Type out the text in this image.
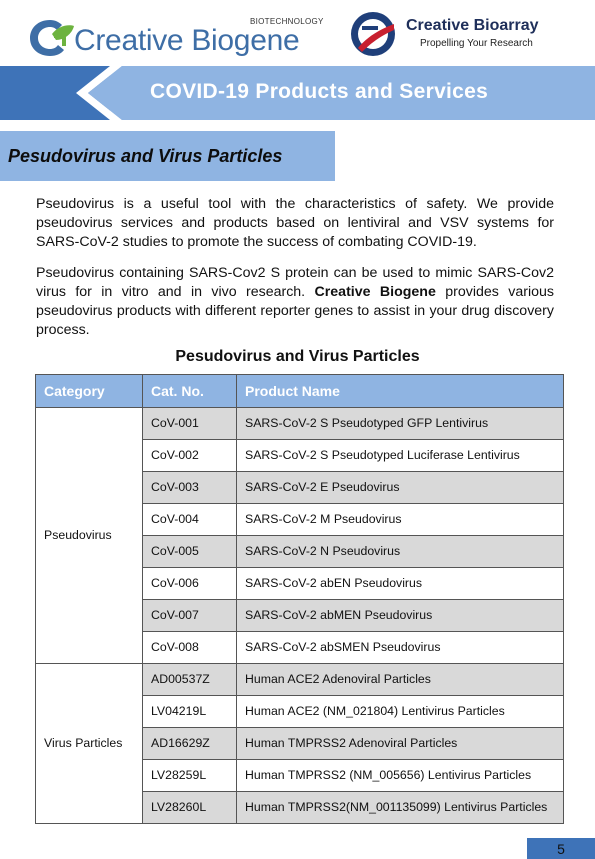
BIOTECHNOLOGY
Creative Biogene	Creative Bioarray
Propelling Your Research
COVID-19 Products and Services
Pesudovirus and Virus Particles

Pseudovirus is a useful tool with the characteristics of safety. We provide pseudovirus services and products based on lentiviral and VSV systems for SARS-CoV-2 studies to promote the success of combating COVID-19.

Pseudovirus containing SARS-Cov2 S protein can be used to mimic SARS-Cov2 virus for in vitro and in vivo research. Creative Biogene provides various pseudovirus products with different reporter genes to assist in your drug discovery process.

Pesudovirus and Virus Particles
Category	Cat. No.	Product Name
Pseudovirus	CoV-001	SARS-CoV-2 S Pseudotyped GFP Lentivirus
	CoV-002	SARS-CoV-2 S Pseudotyped Luciferase Lentivirus
	CoV-003	SARS-CoV-2 E Pseudovirus
	CoV-004	SARS-CoV-2 M Pseudovirus
	CoV-005	SARS-CoV-2 N Pseudovirus
	CoV-006	SARS-CoV-2 abEN Pseudovirus
	CoV-007	SARS-CoV-2 abMEN Pseudovirus
	CoV-008	SARS-CoV-2 abSMEN Pseudovirus
Virus Particles	AD00537Z	Human ACE2 Adenoviral Particles
	LV04219L	Human ACE2 (NM_021804) Lentivirus Particles
	AD16629Z	Human TMPRSS2 Adenoviral Particles
	LV28259L	Human TMPRSS2 (NM_005656) Lentivirus Particles
	LV28260L	Human TMPRSS2(NM_001135099) Lentivirus Particles
5
